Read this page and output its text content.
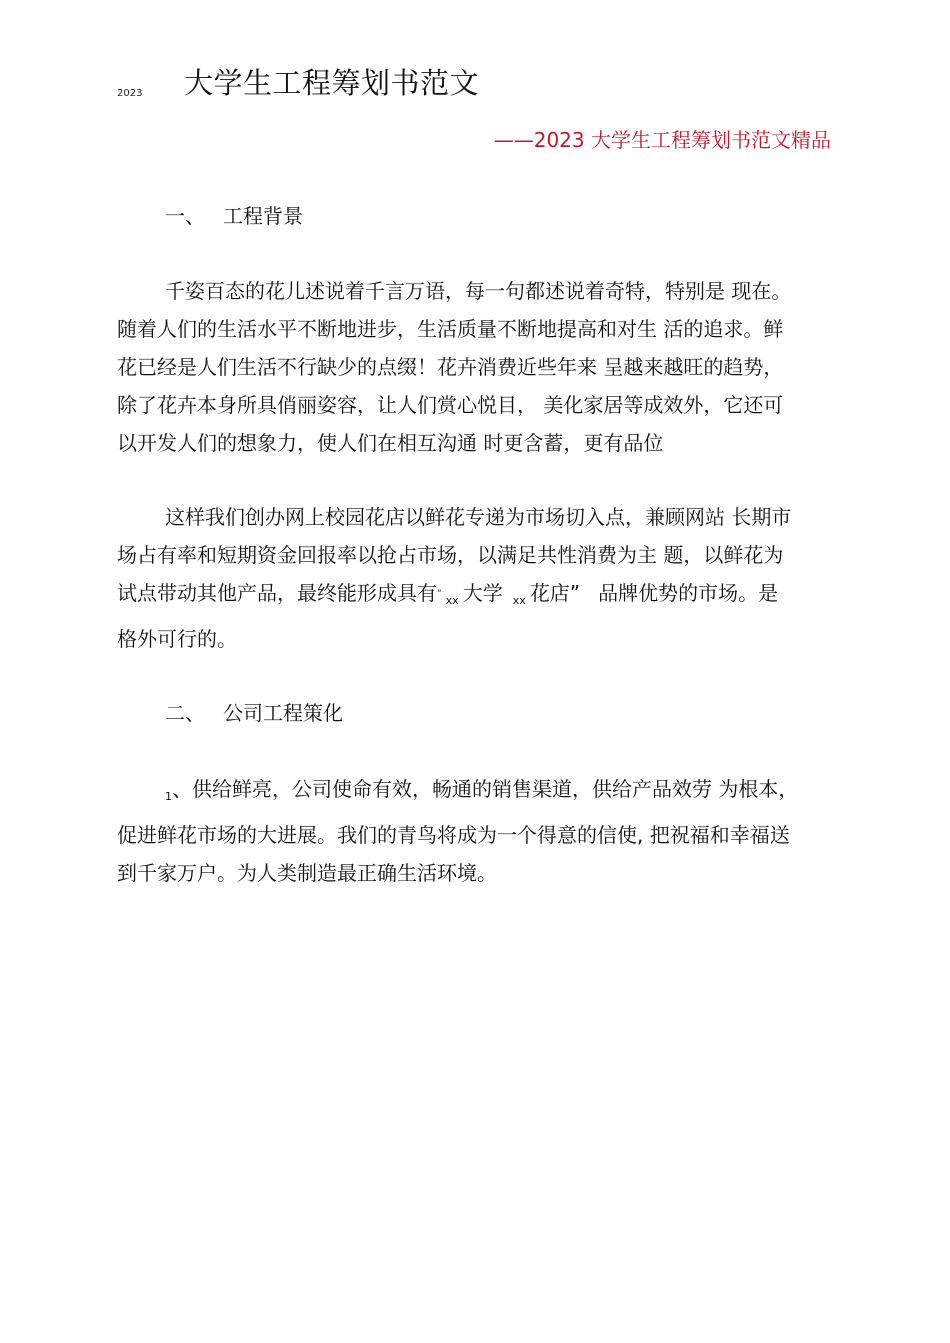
2023 大学生工程筹划书范文
——2023 大学生工程筹划书范文精品
一、 工程背景
千姿百态的花儿述说着千言万语，每一句都述说着奇特，特别是 现在。
随着人们的生活水平不断地进步，生活质量不断地提高和对生 活的追求。鲜
花已经是人们生活不行缺少的点缀！花卉消费近些年来 呈越来越旺的趋势，
除了花卉本身所具俏丽姿容，让人们赏心悦目， 美化家居等成效外，它还可
以开发人们的想象力，使人们在相互沟通 时更含蓄，更有品位
这样我们创办网上校园花店以鲜花专递为市场切入点，兼顾网站 长期市
场占有率和短期资金回报率以抢占市场，以满足共性消费为主 题，以鲜花为
试点带动其他产品，最终能形成具有“ $_{xx}$ 大学 $_{xx}$ 花店” 品牌优势的市场。是
格外可行的。
二、 公司工程策化
$_1$、供给鲜亮，公司使命有效，畅通的销售渠道，供给产品效劳 为根本，
促进鲜花市场的大进展。我们的青鸟将成为一个得意的信使, 把祝福和幸福送
到千家万户。为人类制造最正确生活环境。
